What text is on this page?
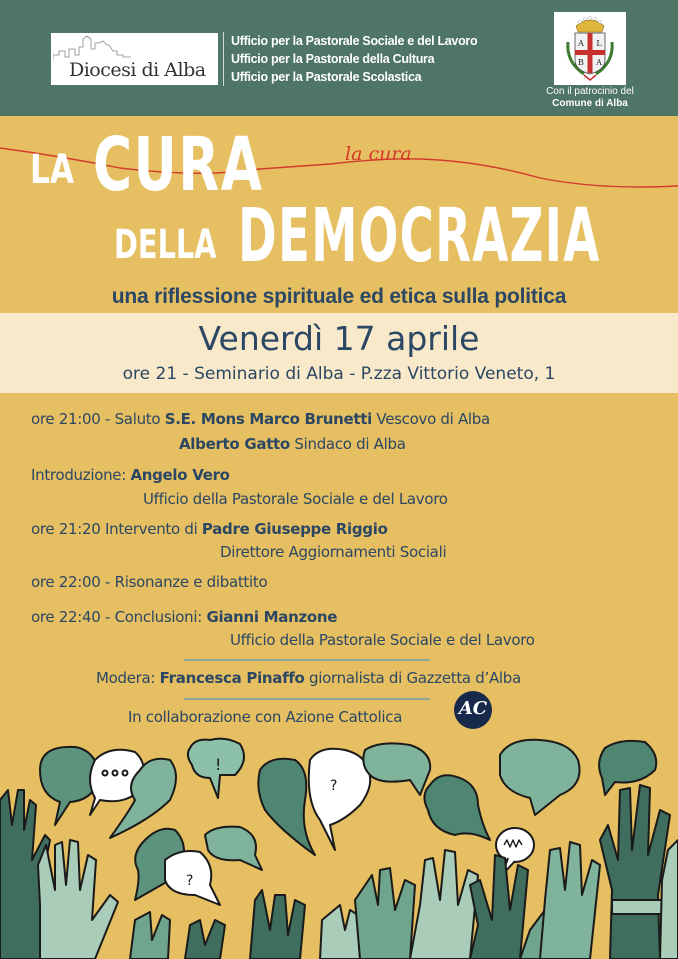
Diocesi di Alba
Ufficio per la Pastorale Sociale e del Lavoro
Ufficio per la Pastorale della Cultura
Ufficio per la Pastorale Scolastica
A L
B A
Con il patrocinio del
Comune di Alba
LA CURA	la cura
DELLA DEMOCRAZIA
una riflessione spirituale ed etica sulla politica
Venerdì 17 aprile
ore 21 - Seminario di Alba - P.zza Vittorio Veneto, 1
ore 21:00 - Saluto S.E. Mons Marco Brunetti Vescovo di Alba
Alberto Gatto Sindaco di Alba
Introduzione: Angelo Vero
Ufficio della Pastorale Sociale e del Lavoro
ore 21:20 Intervento di Padre Giuseppe Riggio
Direttore Aggiornamenti Sociali
ore 22:00 - Risonanze e dibattito
ore 22:40 - Conclusioni: Gianni Manzone
Ufficio della Pastorale Sociale e del Lavoro
Modera: Francesca Pinaffo giornalista di Gazzetta d’Alba
In collaborazione con Azione Cattolica	AC
!
?
?
